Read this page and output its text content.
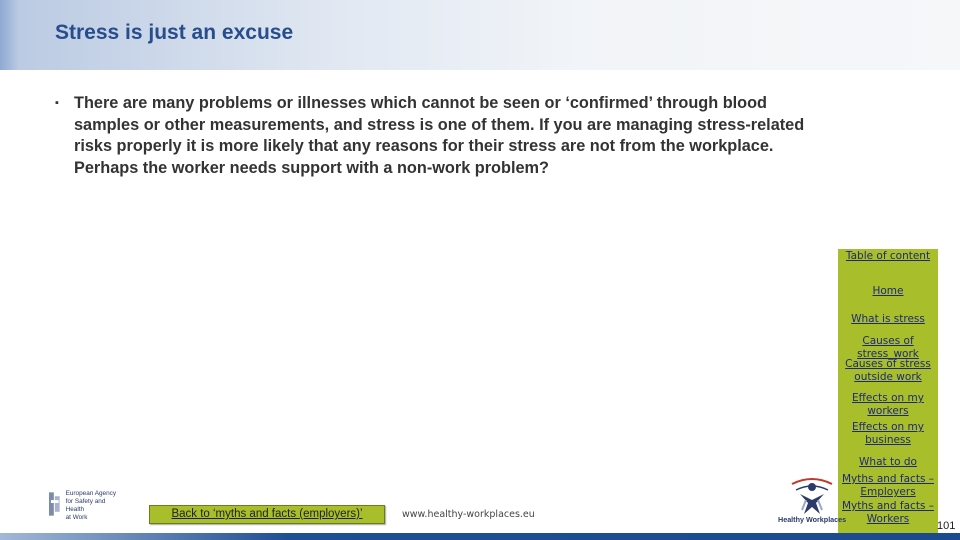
Stress is just an excuse
▪ There are many problems or illnesses which cannot be seen or ‘confirmed’ through blood samples or other measurements, and stress is one of them. If you are managing stress-related risks properly it is more likely that any reasons for their stress are not from the workplace. Perhaps the worker needs support with a non-work problem?
Table of content
Home
What is stress
Causes of stress_work
Causes of stress outside work
Effects on my workers
Effects on my business
What to do
Myths and facts – Employers
Myths and facts – Workers
European Agency
for Safety and Health
at Work	Back to ‘myths and facts (employers)’	www.healthy-workplaces.eu	Healthy Workplaces
101
